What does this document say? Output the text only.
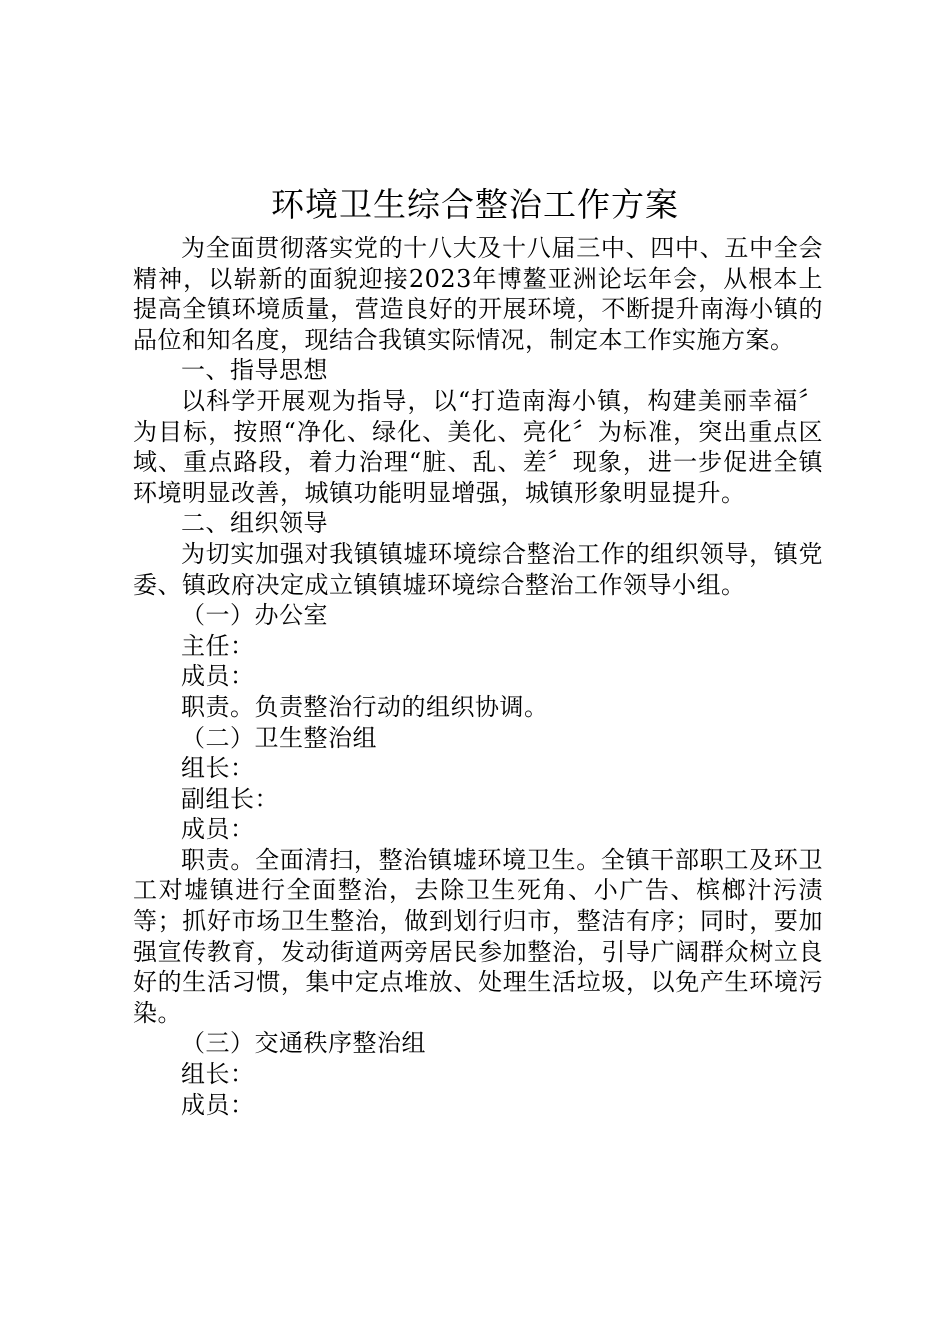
环境卫生综合整治工作方案

为全面贯彻落实党的十八大及十八届三中、四中、五中全会精神，以崭新的面貌迎接2023年博鳌亚洲论坛年会，从根本上提高全镇环境质量，营造良好的开展环境，不断提升南海小镇的品位和知名度，现结合我镇实际情况，制定本工作实施方案。

一、指导思想

以科学开展观为指导，以“打造南海小镇，构建美丽幸福〞为目标，按照“净化、绿化、美化、亮化〞为标准，突出重点区域、重点路段，着力治理“脏、乱、差〞现象，进一步促进全镇环境明显改善，城镇功能明显增强，城镇形象明显提升。

二、组织领导

为切实加强对我镇镇墟环境综合整治工作的组织领导，镇党委、镇政府决定成立镇镇墟环境综合整治工作领导小组。

（一）办公室

主任：

成员：

职责。负责整治行动的组织协调。

（二）卫生整治组

组长：

副组长：

成员：

职责。全面清扫，整治镇墟环境卫生。全镇干部职工及环卫工对墟镇进行全面整治，去除卫生死角、小广告、槟榔汁污渍等；抓好市场卫生整治，做到划行归市，整洁有序；同时，要加强宣传教育，发动街道两旁居民参加整治，引导广阔群众树立良好的生活习惯，集中定点堆放、处理生活垃圾，以免产生环境污染。

（三）交通秩序整治组

组长：

成员：
